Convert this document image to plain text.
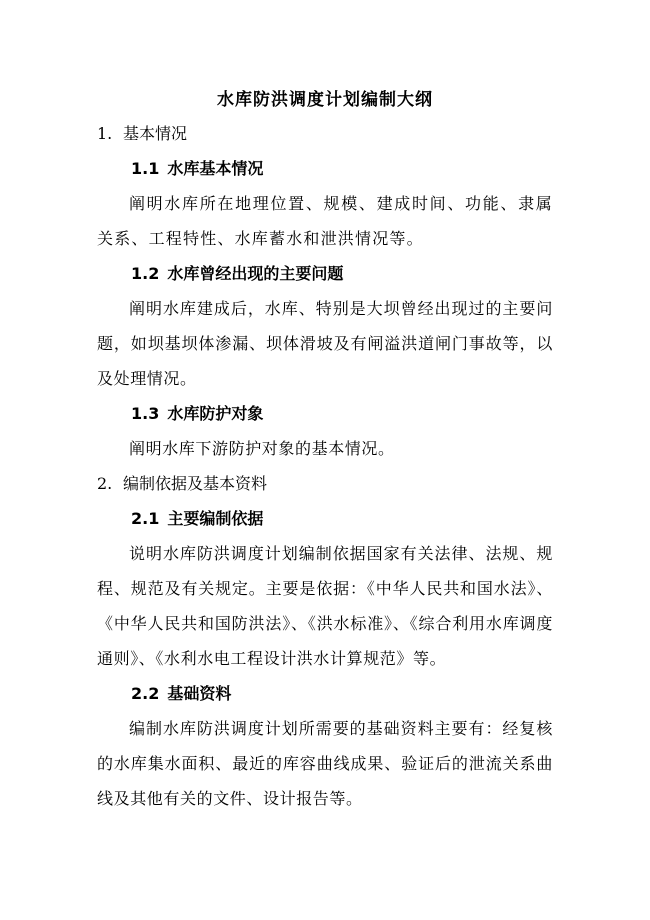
水库防洪调度计划编制大纲
1. 基本情况
1.1 水库基本情况
阐明水库所在地理位置、规模、建成时间、功能、隶属关系、工程特性、水库蓄水和泄洪情况等。
1.2 水库曾经出现的主要问题
阐明水库建成后，水库、特别是大坝曾经出现过的主要问题，如坝基坝体渗漏、坝体滑坡及有闸溢洪道闸门事故等，以及处理情况。
1.3 水库防护对象
阐明水库下游防护对象的基本情况。
2. 编制依据及基本资料
2.1 主要编制依据
说明水库防洪调度计划编制依据国家有关法律、法规、规程、规范及有关规定。主要是依据：《中华人民共和国水法》、《中华人民共和国防洪法》、《洪水标准》、《综合利用水库调度通则》、《水利水电工程设计洪水计算规范》等。
2.2 基础资料
编制水库防洪调度计划所需要的基础资料主要有：经复核的水库集水面积、最近的库容曲线成果、验证后的泄流关系曲线及其他有关的文件、设计报告等。
